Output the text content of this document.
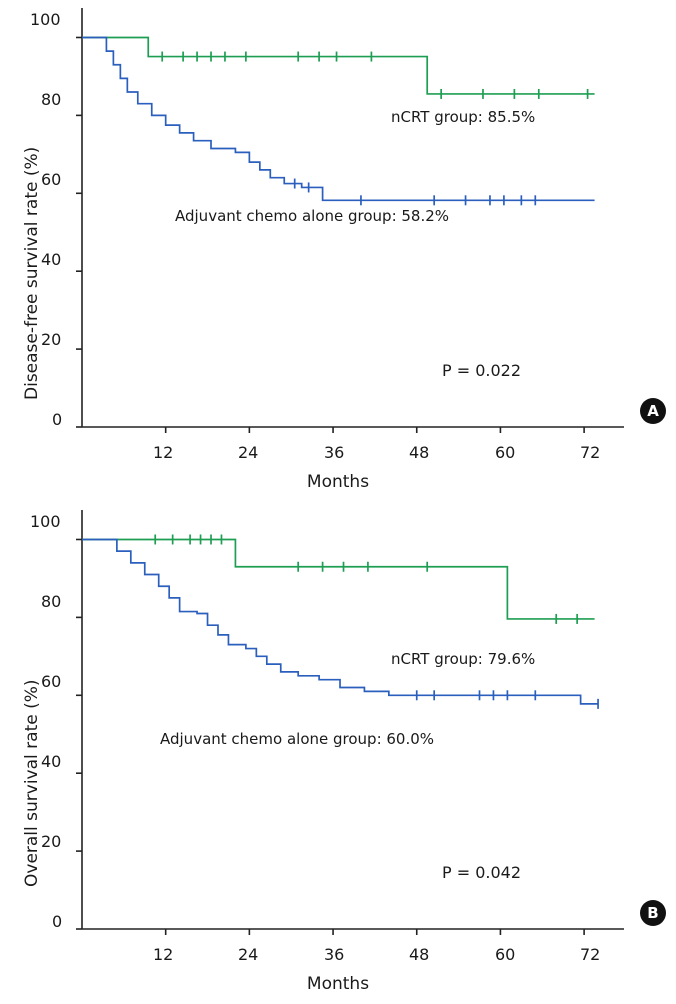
100
80
60
40
20
0
12	24	36	48	60	72
Disease-free survival rate (%)
Months
nCRT group: 85.5%
Adjuvant chemo alone group: 58.2%
P = 0.022
A
100
80
60
40
20
0
12	24	36	48	60	72
Overall survival rate (%)
Months
nCRT group: 79.6%
Adjuvant chemo alone group: 60.0%
P = 0.042
B
